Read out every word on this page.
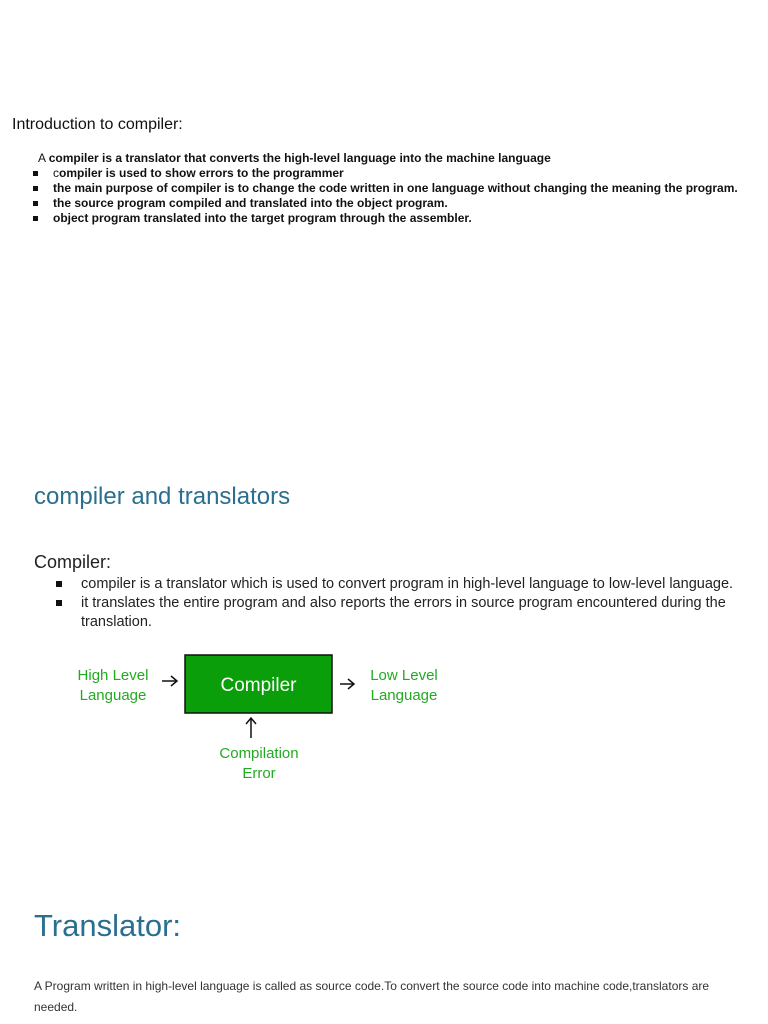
Introduction to compiler:
A compiler is a translator that converts the high-level language into the machine language
compiler is used to show errors to the programmer
the main purpose of compiler is to change the code written in one language without changing the meaning the program.
the source program compiled and translated into the object program.
object program translated into the target program through the assembler.
compiler and translators
Compiler:
compiler is a translator which is used to convert program in high-level language to low-level language.
it translates the entire program and also reports the errors in source program encountered during the translation.
High Level
Language	Compiler	Low Level
Language
Compilation
Error
Translator:
A Program written in high-level language is called as source code.To convert the source code into machine code,translators are needed.
